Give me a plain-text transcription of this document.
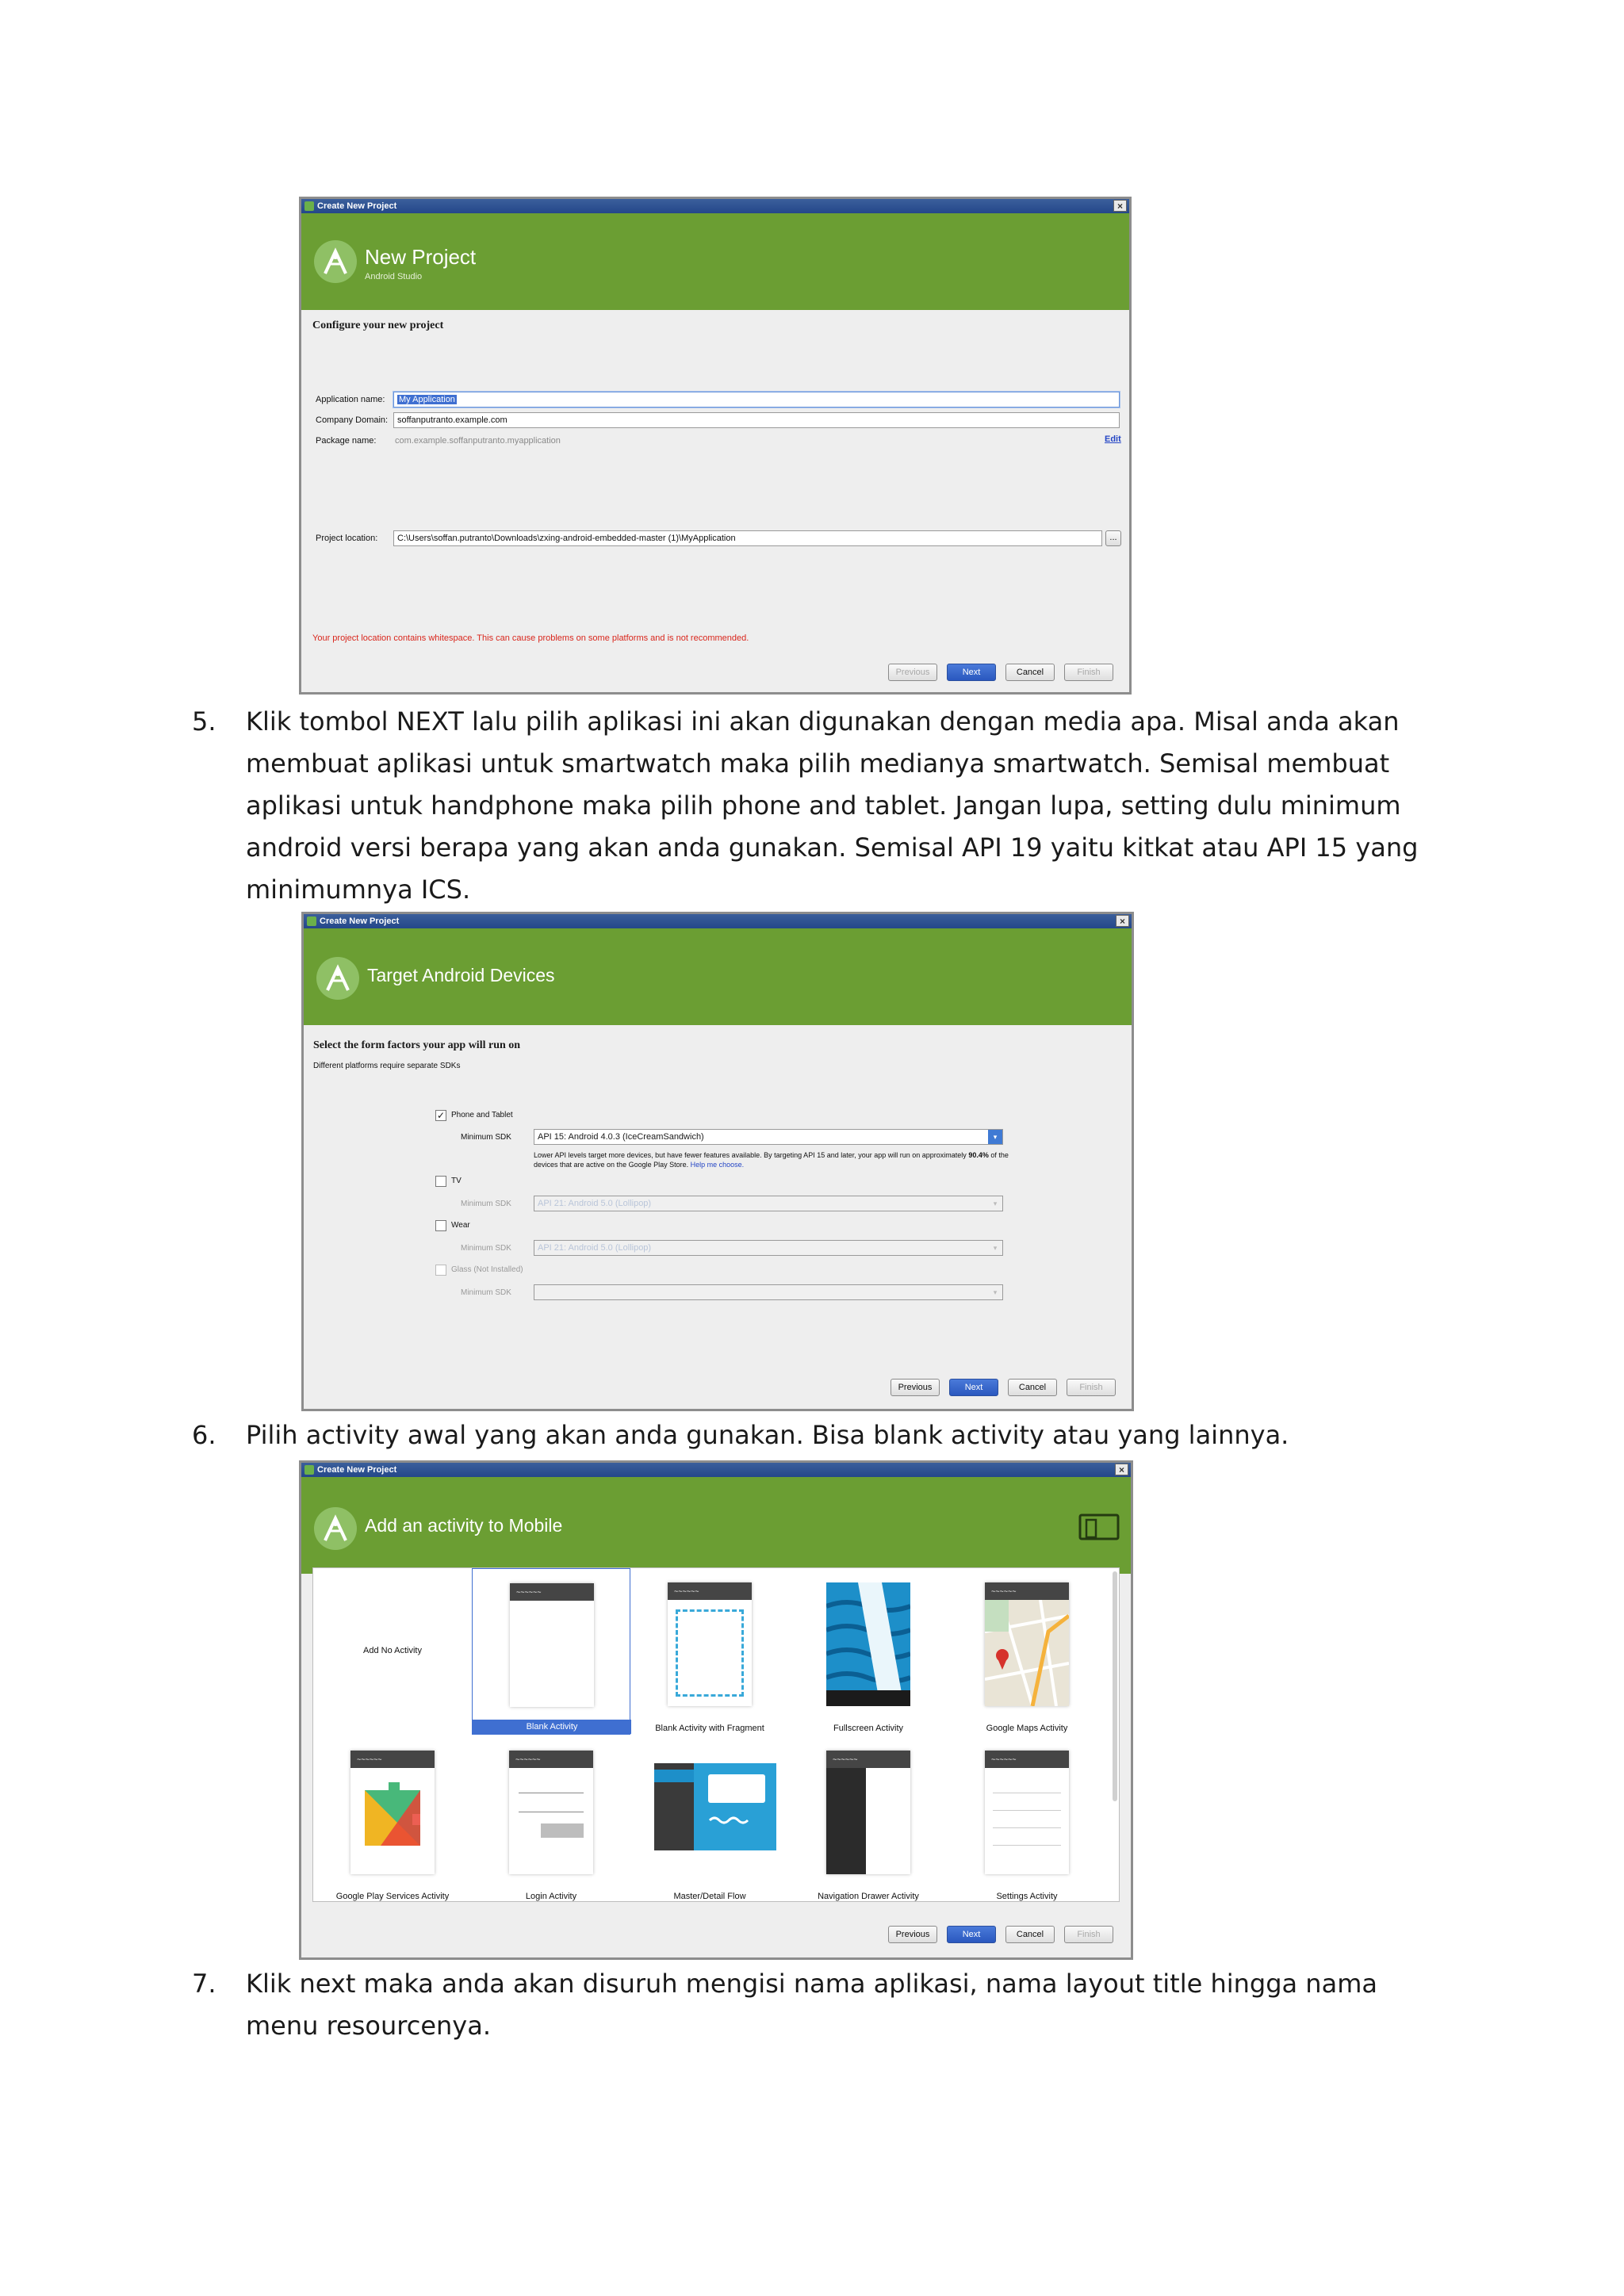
Create New Project	×
New Project
Android Studio
Configure your new project
Application name:	My Application
Company Domain:	soffanputranto.example.com
Package name: com.example.soffanputranto.myapplication	Edit
Project location:	C:\Users\soffan.putranto\Downloads\zxing-android-embedded-master (1)\MyApplication	...
Your project location contains whitespace. This can cause problems on some platforms and is not recommended.
Previous	Next	Cancel	Finish
5. Klik tombol NEXT lalu pilih aplikasi ini akan digunakan dengan media apa. Misal anda akan membuat aplikasi untuk smartwatch maka pilih medianya smartwatch. Semisal membuat aplikasi untuk handphone maka pilih phone and tablet. Jangan lupa, setting dulu minimum android versi berapa yang akan anda gunakan. Semisal API 19 yaitu kitkat atau API 15 yang minimumnya ICS.
Create New Project	×
Target Android Devices
Select the form factors your app will run on
Different platforms require separate SDKs
✓ Phone and Tablet
Minimum SDK	API 15: Android 4.0.3 (IceCreamSandwich)	▾
Lower API levels target more devices, but have fewer features available. By targeting API 15 and later, your app will run on approximately 90.4% of the devices that are active on the Google Play Store. Help me choose.
TV
Minimum SDK	API 21: Android 5.0 (Lollipop)	▾
Wear
Minimum SDK	API 21: Android 5.0 (Lollipop)	▾
Glass (Not Installed)
Minimum SDK	▾
Previous	Next	Cancel	Finish
6. Pilih activity awal yang akan anda gunakan. Bisa blank activity atau yang lainnya.
Create New Project	×
Add an activity to Mobile
Add No Activity
~~~~~~
Blank Activity
~~~~~~
Blank Activity with Fragment	Fullscreen Activity
~~~~~~
Google Maps Activity
~~~~~~
Google Play Services Activity
~~~~~~
Login Activity	Master/Detail Flow
~~~~~~
Navigation Drawer Activity
~~~~~~
Settings Activity
Previous	Next	Cancel	Finish
7. Klik next maka anda akan disuruh mengisi nama aplikasi, nama layout title hingga nama menu resourcenya.
